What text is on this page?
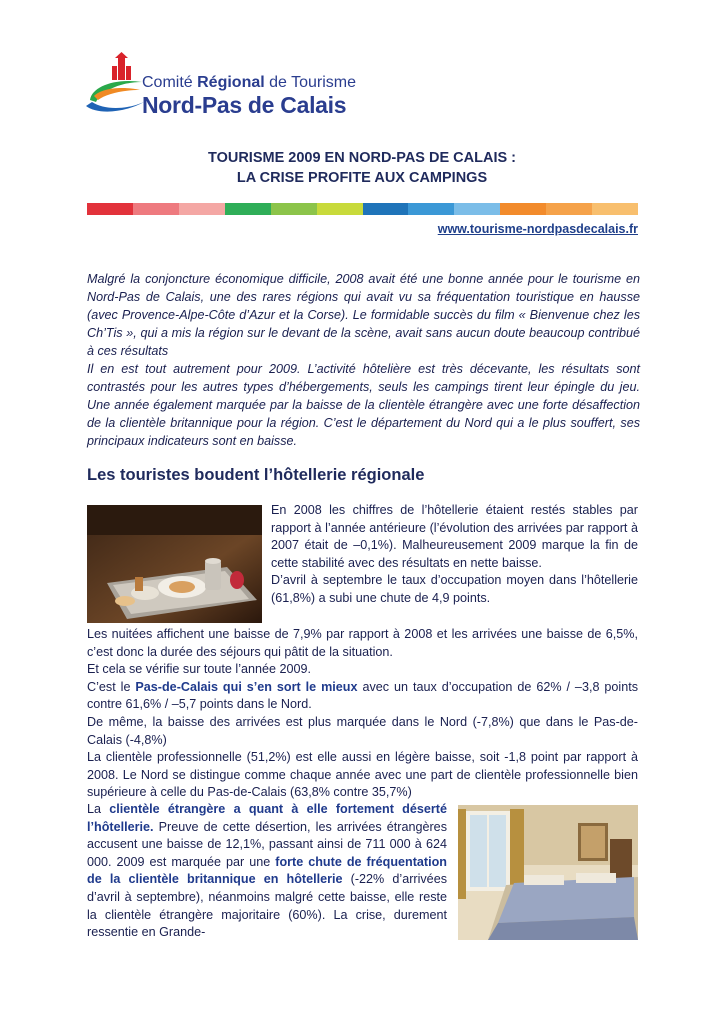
Comité Régional de Tourisme
Nord-Pas de Calais
TOURISME 2009 EN NORD-PAS DE CALAIS :
LA CRISE PROFITE AUX CAMPINGS
www.tourisme-nordpasdecalais.fr

Malgré la conjoncture économique difficile, 2008 avait été une bonne année pour le tourisme en Nord-Pas de Calais, une des rares régions qui avait vu sa fréquentation touristique en hausse (avec Provence-Alpe-Côte d’Azur et la Corse). Le formidable succès du film « Bienvenue chez les Ch’Tis », qui a mis la région sur le devant de la scène, avait sans aucun doute beaucoup contribué à ces résultats

Il en est tout autrement pour 2009. L’activité hôtelière est très décevante, les résultats sont contrastés pour les autres types d’hébergements, seuls les campings tirent leur épingle du jeu. Une année également marquée par la baisse de la clientèle étrangère avec une forte désaffection de la clientèle britannique pour la région. C’est le département du Nord qui a le plus souffert, ses principaux indicateurs sont en baisse.

Les touristes boudent l’hôtellerie régionale

En 2008 les chiffres de l’hôtellerie étaient restés stables par rapport à l’année antérieure (l’évolution des arrivées par rapport à 2007 était de –0,1%). Malheureusement 2009 marque la fin de cette stabilité avec des résultats en nette baisse.

D’avril à septembre le taux d’occupation moyen dans l’hôtellerie (61,8%) a subi une chute de 4,9 points.

Les nuitées affichent une baisse de 7,9% par rapport à 2008 et les arrivées une baisse de 6,5%, c’est donc la durée des séjours qui pâtit de la situation.

Et cela se vérifie sur toute l’année 2009.

C’est le Pas-de-Calais qui s’en sort le mieux avec un taux d’occupation de 62% / –3,8 points contre 61,6% / –5,7 points dans le Nord.

De même, la baisse des arrivées est plus marquée dans le Nord (-7,8%) que dans le Pas-de-Calais (-4,8%)

La clientèle professionnelle (51,2%) est elle aussi en légère baisse, soit -1,8 point par rapport à 2008. Le Nord se distingue comme chaque année avec une part de clientèle professionnelle bien supérieure à celle du Pas-de-Calais (63,8% contre 35,7%)

La clientèle étrangère a quant à elle fortement déserté l’hôtellerie. Preuve de cette désertion, les arrivées étrangères accusent une baisse de 12,1%, passant ainsi de 711 000 à 624 000. 2009 est marquée par une forte chute de fréquentation de la clientèle britannique en hôtellerie (-22% d’arrivées d’avril à septembre), néanmoins malgré cette baisse, elle reste la clientèle étrangère majoritaire (60%). La crise, durement ressentie en Grande-
